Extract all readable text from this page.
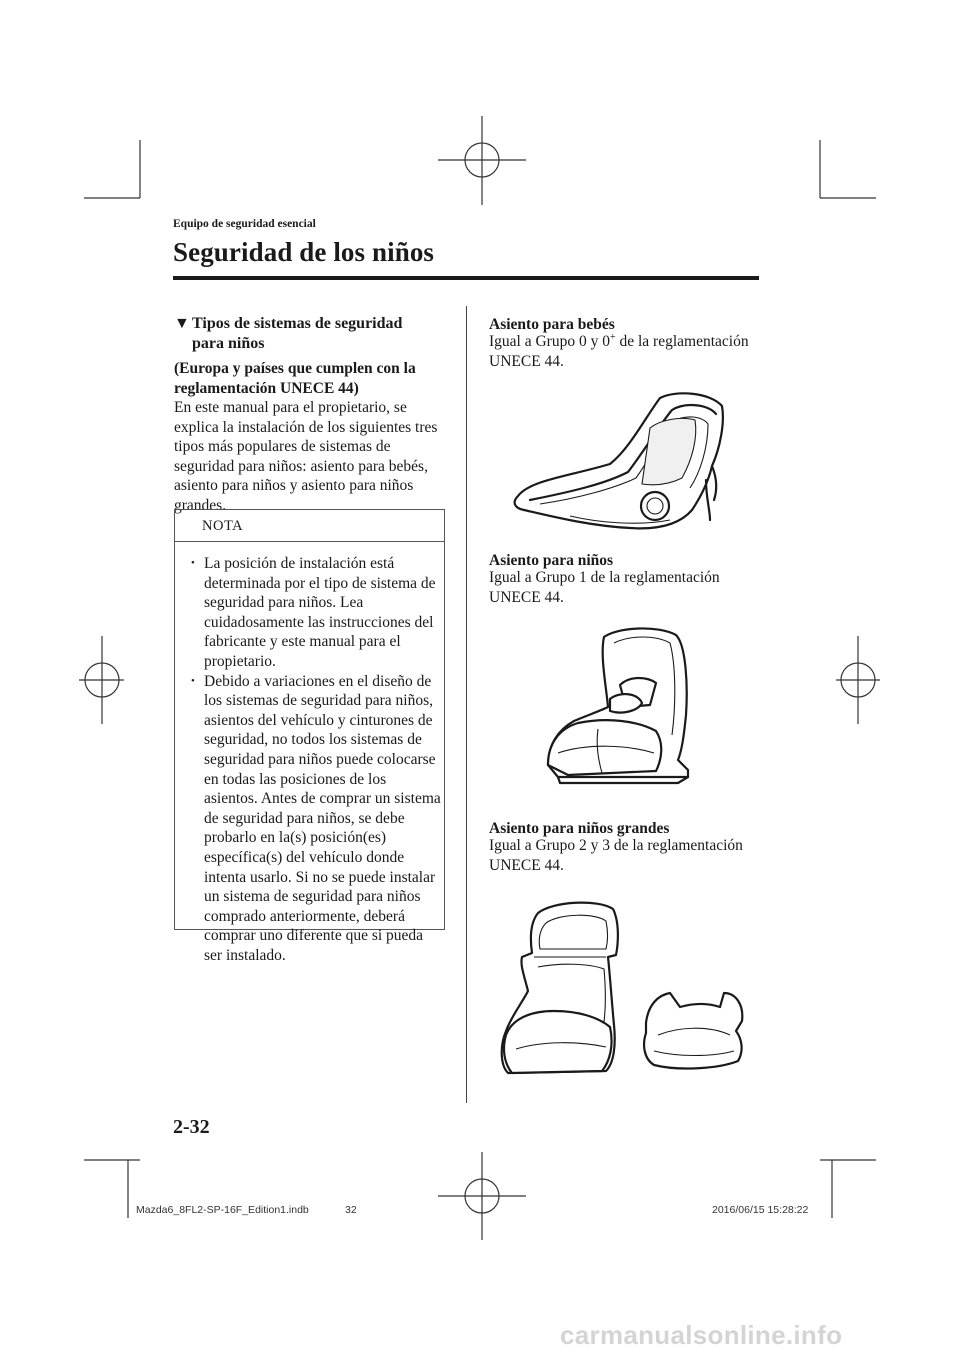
Equipo de seguridad esencial
Seguridad de los niños
▼ Tipos de sistemas de seguridad
para niños
(Europa y países que cumplen con la reglamentación UNECE 44)
En este manual para el propietario, se explica la instalación de los siguientes tres tipos más populares de sistemas de seguridad para niños: asiento para bebés, asiento para niños y asiento para niños grandes.
NOTA
• La posición de instalación está determinada por el tipo de sistema de seguridad para niños. Lea cuidadosamente las instrucciones del fabricante y este manual para el propietario.
• Debido a variaciones en el diseño de los sistemas de seguridad para niños, asientos del vehículo y cinturones de seguridad, no todos los sistemas de seguridad para niños puede colocarse en todas las posiciones de los asientos. Antes de comprar un sistema de seguridad para niños, se debe probarlo en la(s) posición(es) específica(s) del vehículo donde intenta usarlo. Si no se puede instalar un sistema de seguridad para niños comprado anteriormente, deberá comprar uno diferente que si pueda ser instalado.
Asiento para bebés
Igual a Grupo 0 y 0+ de la reglamentación UNECE 44.
Asiento para niños
Igual a Grupo 1 de la reglamentación UNECE 44.
Asiento para niños grandes
Igual a Grupo 2 y 3 de la reglamentación UNECE 44.
2-32
Mazda6_8FL2-SP-16F_Edition1.indb	32	2016/06/15 15:28:22
carmanualsonline.info
